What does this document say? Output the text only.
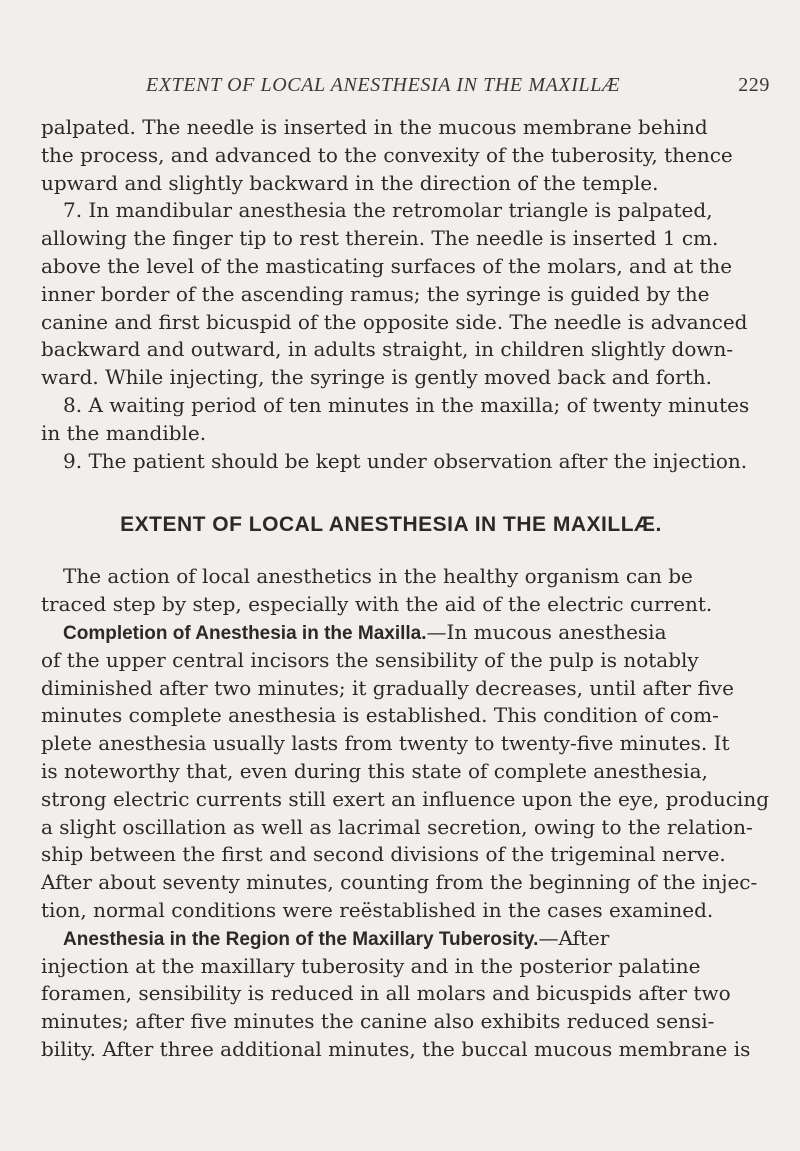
EXTENT OF LOCAL ANESTHESIA IN THE MAXILLÆ	229
palpated. The needle is inserted in the mucous membrane behind
the process, and advanced to the convexity of the tuberosity, thence
upward and slightly backward in the direction of the temple.
7. In mandibular anesthesia the retromolar triangle is palpated,
allowing the finger tip to rest therein. The needle is inserted 1 cm.
above the level of the masticating surfaces of the molars, and at the
inner border of the ascending ramus; the syringe is guided by the
canine and first bicuspid of the opposite side. The needle is advanced
backward and outward, in adults straight, in children slightly down-
ward. While injecting, the syringe is gently moved back and forth.
8. A waiting period of ten minutes in the maxilla; of twenty minutes
in the mandible.
9. The patient should be kept under observation after the injection.
EXTENT OF LOCAL ANESTHESIA IN THE MAXILLÆ.
The action of local anesthetics in the healthy organism can be
traced step by step, especially with the aid of the electric current.
Completion of Anesthesia in the Maxilla.—In mucous anesthesia
of the upper central incisors the sensibility of the pulp is notably
diminished after two minutes; it gradually decreases, until after five
minutes complete anesthesia is established. This condition of com-
plete anesthesia usually lasts from twenty to twenty-five minutes. It
is noteworthy that, even during this state of complete anesthesia,
strong electric currents still exert an influence upon the eye, producing
a slight oscillation as well as lacrimal secretion, owing to the relation-
ship between the first and second divisions of the trigeminal nerve.
After about seventy minutes, counting from the beginning of the injec-
tion, normal conditions were reëstablished in the cases examined.
Anesthesia in the Region of the Maxillary Tuberosity.—After
injection at the maxillary tuberosity and in the posterior palatine
foramen, sensibility is reduced in all molars and bicuspids after two
minutes; after five minutes the canine also exhibits reduced sensi-
bility. After three additional minutes, the buccal mucous membrane is
